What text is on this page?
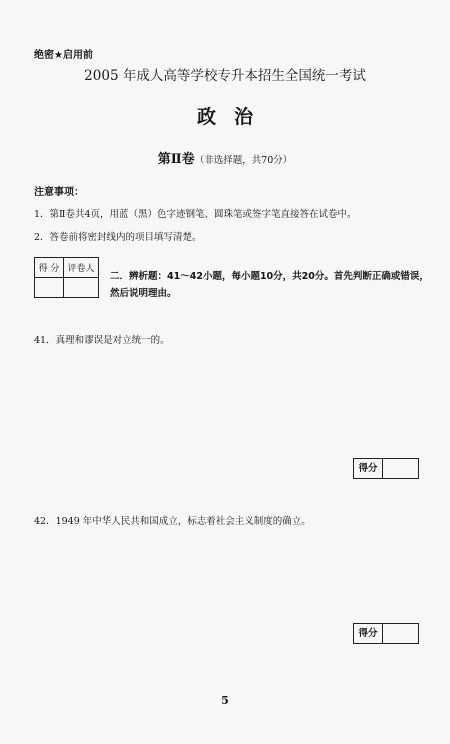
绝密★启用前
2005 年成人高等学校专升本招生全国统一考试
政治
第Ⅱ卷（非选择题，共70分）
注意事项：
1．第Ⅱ卷共4页，用蓝（黑）色字迹钢笔、圆珠笔或签字笔直接答在试卷中。
2．答卷前将密封线内的项目填写清楚。
得 分	评卷人

二．辨析题：41～42小题，每小题10分，共20分。首先判断正确或错误，然后说明理由。
41．真理和谬误是对立统一的。
得分
42．1949 年中华人民共和国成立，标志着社会主义制度的确立。
得分
5
